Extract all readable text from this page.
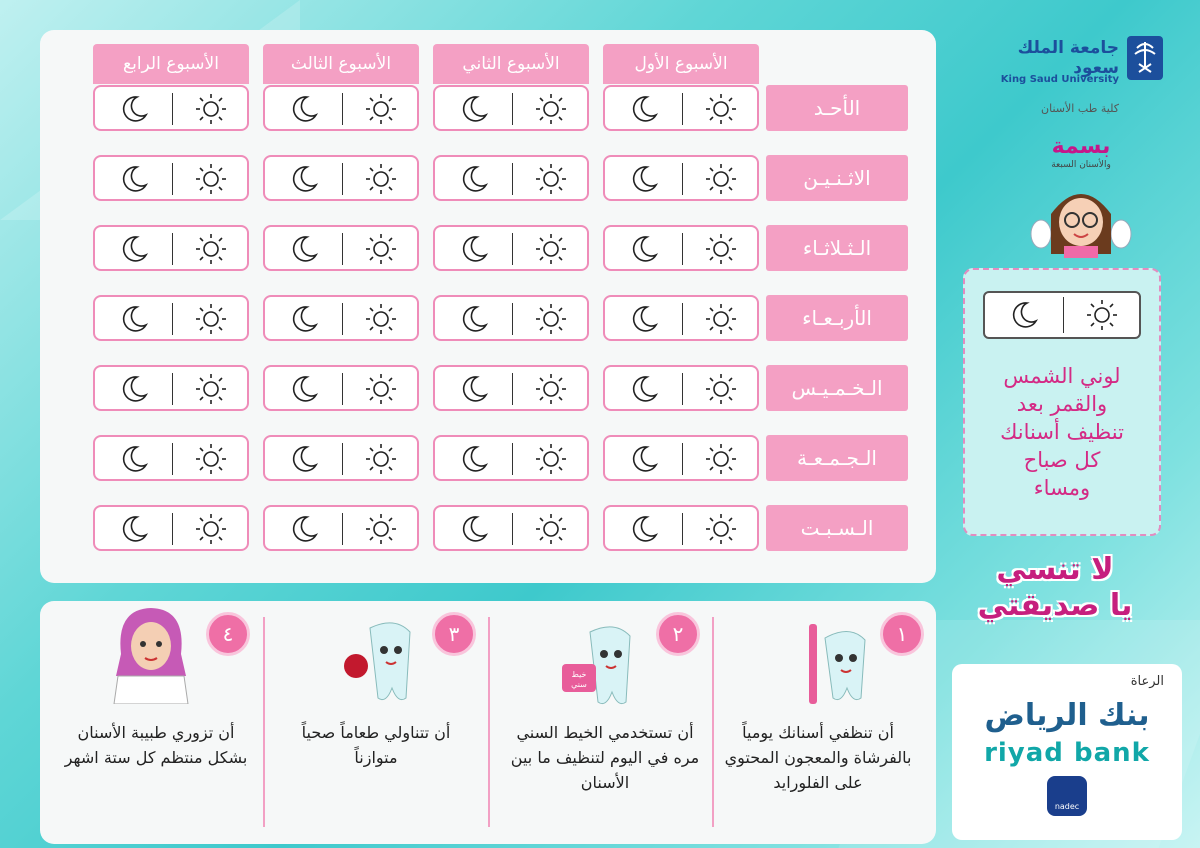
الأسبوع الأول
الأسبوع الثاني
الأسبوع الثالث
الأسبوع الرابع
الأحـد
الاثـنـيـن
الـثـلاثـاء
الأربـعـاء
الـخـمـيـس
الـجـمـعـة
الـسـبـت
جامعة الملك سعود
King Saud University
كلية طب الأسنان
بسمة
والأسنان السبعة
لوني الشمس
والقمر بعد
تنظيف أسنانك
كل صباح
ومساء
لا تنسي
يا صديقتي
١
٢
٣
٤
خيط سني
أن تنظفي أسنانك يومياً بالفرشاة والمعجون المحتوي على الفلورايد
أن تستخدمي الخيط السني مره في اليوم لتنظيف ما بين الأسنان
أن تتناولي طعاماً صحياً متوازناً
أن تزوري طبيبة الأسنان بشكل منتظم كل ستة اشهر
الرعاة
بنك الرياض
riyad bank
nadec
